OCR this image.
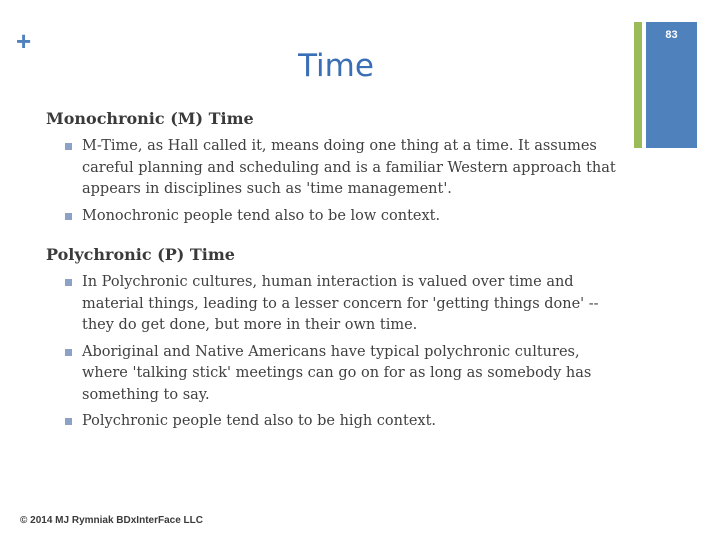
+	83
Time

Monochronic (M) Time

M-Time, as Hall called it, means doing one thing at a time. It assumes careful planning and scheduling and is a familiar Western approach that appears in disciplines such as 'time management'.
Monochronic people tend also to be low context.

Polychronic (P) Time

In Polychronic cultures, human interaction is valued over time and material things, leading to a lesser concern for 'getting things done' -- they do get done, but more in their own time.
Aboriginal and Native Americans have typical polychronic cultures, where 'talking stick' meetings can go on for as long as somebody has something to say.
Polychronic people tend also to be high context.
© 2014 MJ Rymniak BDxInterFace LLC
